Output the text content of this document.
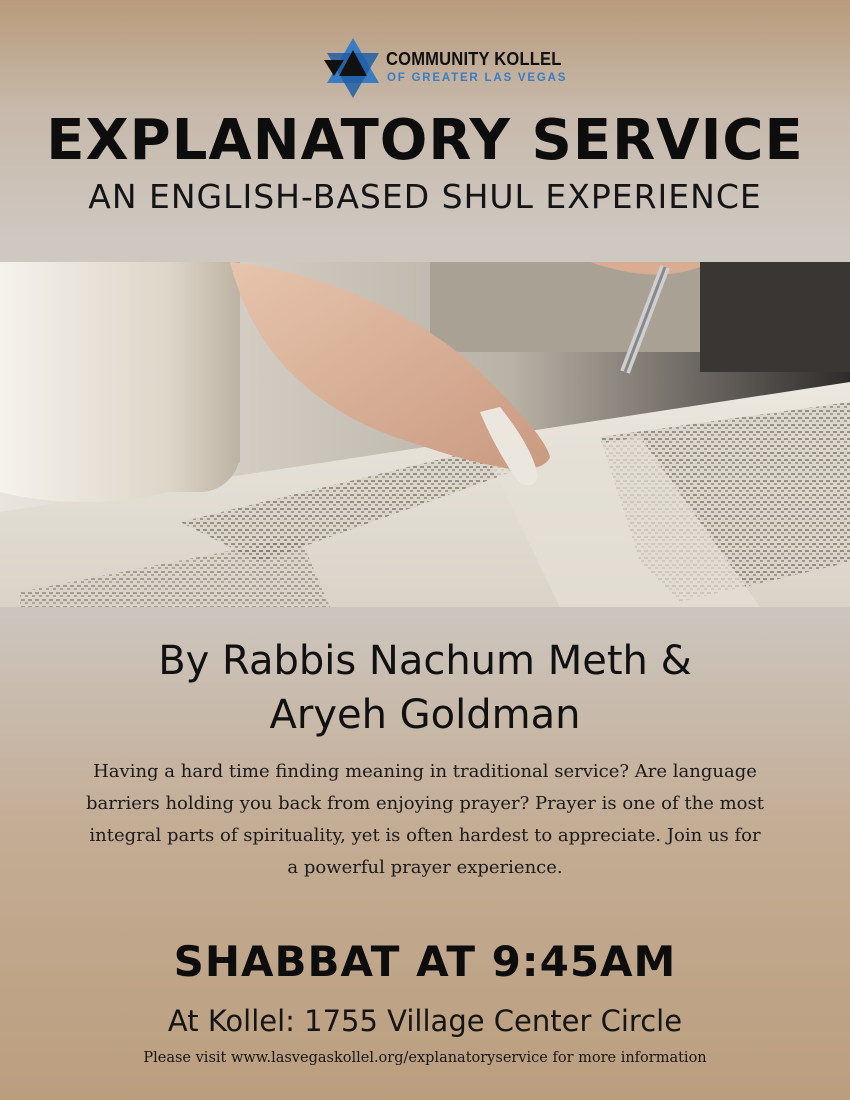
COMMUNITY KOLLEL
OF GREATER LAS VEGAS
EXPLANATORY SERVICE
AN ENGLISH-BASED SHUL EXPERIENCE
By Rabbis Nachum Meth &
Aryeh Goldman
Having a hard time finding meaning in traditional service? Are language
barriers holding you back from enjoying prayer? Prayer is one of the most
integral parts of spirituality, yet is often hardest to appreciate. Join us for
a powerful prayer experience.
SHABBAT AT 9:45AM
At Kollel: 1755 Village Center Circle
Please visit www.lasvegaskollel.org/explanatoryservice for more information
